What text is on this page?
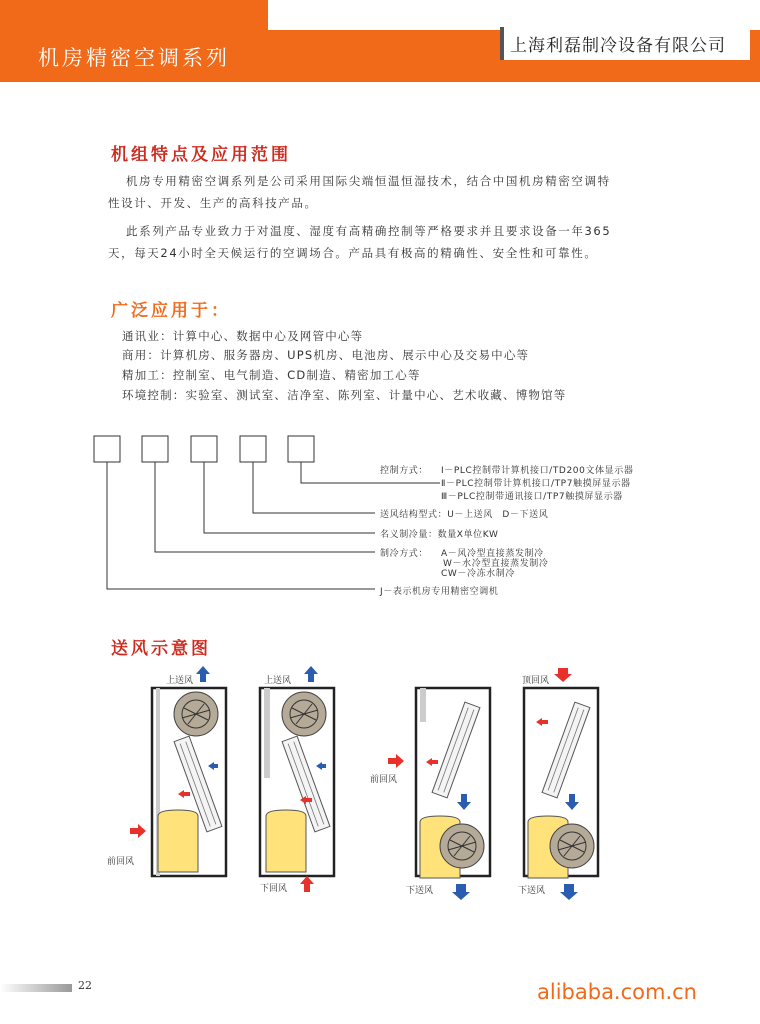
机房精密空调系列	上海利磊制冷设备有限公司
机组特点及应用范围
机房专用精密空调系列是公司采用国际尖端恒温恒湿技术，结合中国机房精密空调特
性设计、开发、生产的高科技产品。
此系列产品专业致力于对温度、湿度有高精确控制等严格要求并且要求设备一年365
天，每天24小时全天候运行的空调场合。产品具有极高的精确性、安全性和可靠性。
广泛应用于：
通讯业：计算中心、数据中心及网管中心等
商用：计算机房、服务器房、UPS机房、电池房、展示中心及交易中心等
精加工：控制室、电气制造、CD制造、精密加工心等
环境控制：实验室、测试室、洁净室、陈列室、计量中心、艺术收藏、博物馆等
控制方式： Ⅰ－PLC控制带计算机接口/TD200文体显示器
Ⅱ－PLC控制带计算机接口/TP7触摸屏显示器
Ⅲ－PLC控制带通讯接口/TP7触摸屏显示器
送风结构型式：U－上送风　D－下送风
名义制冷量：数量X单位KW
制冷方式： A－风冷型直接蒸发制冷
W－水冷型直接蒸发制冷
CW－冷冻水制冷
J－表示机房专用精密空调机
送风示意图
上送风
前回风
上送风
下回风
前回风
下送风
顶回风
下送风
22	alibaba.com.cn
